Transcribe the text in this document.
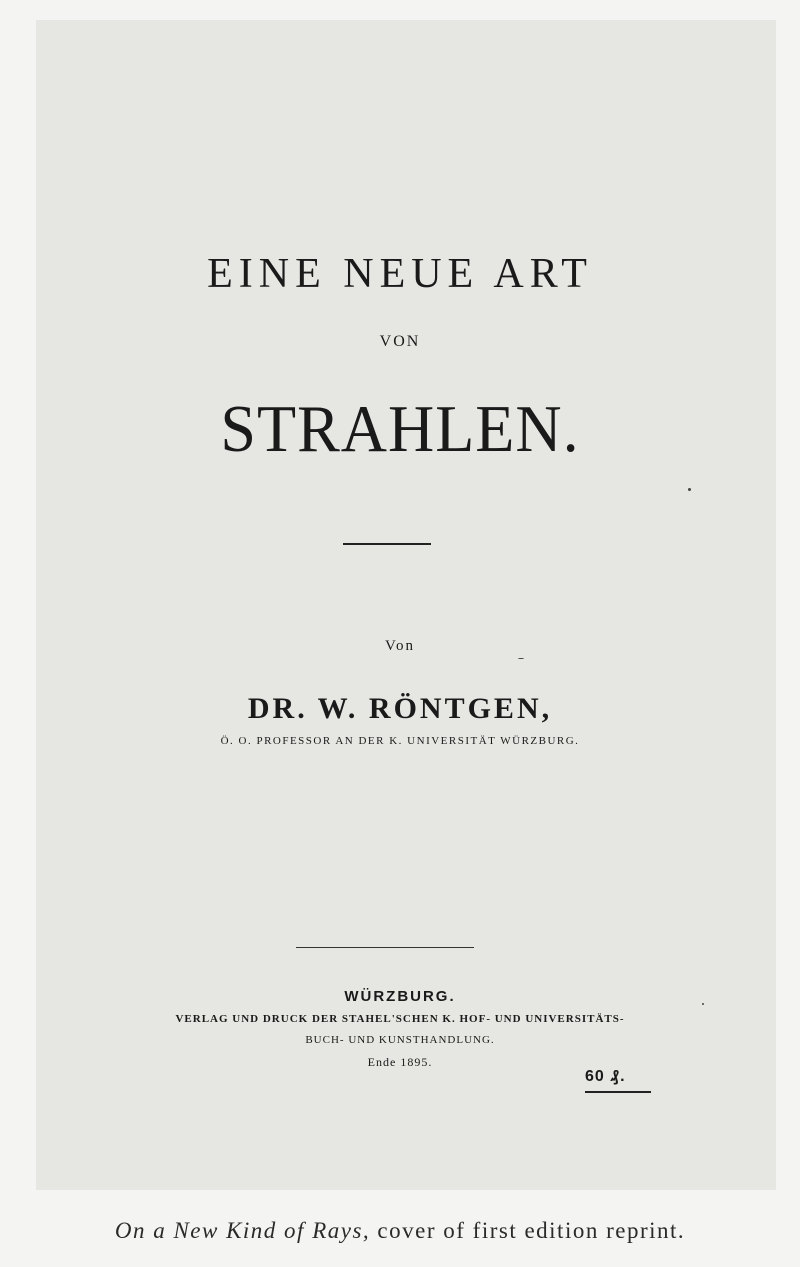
EINE NEUE ART
VON
STRAHLEN.
Von
DR. W. RÖNTGEN,
Ö. O. PROFESSOR AN DER K. UNIVERSITÄT WÜRZBURG.
WÜRZBURG.
VERLAG UND DRUCK DER STAHEL'SCHEN K. HOF- UND UNIVERSITÄTS-
BUCH- UND KUNSTHANDLUNG.
Ende 1895.
60 ₰.
On a New Kind of Rays, cover of first edition reprint.
